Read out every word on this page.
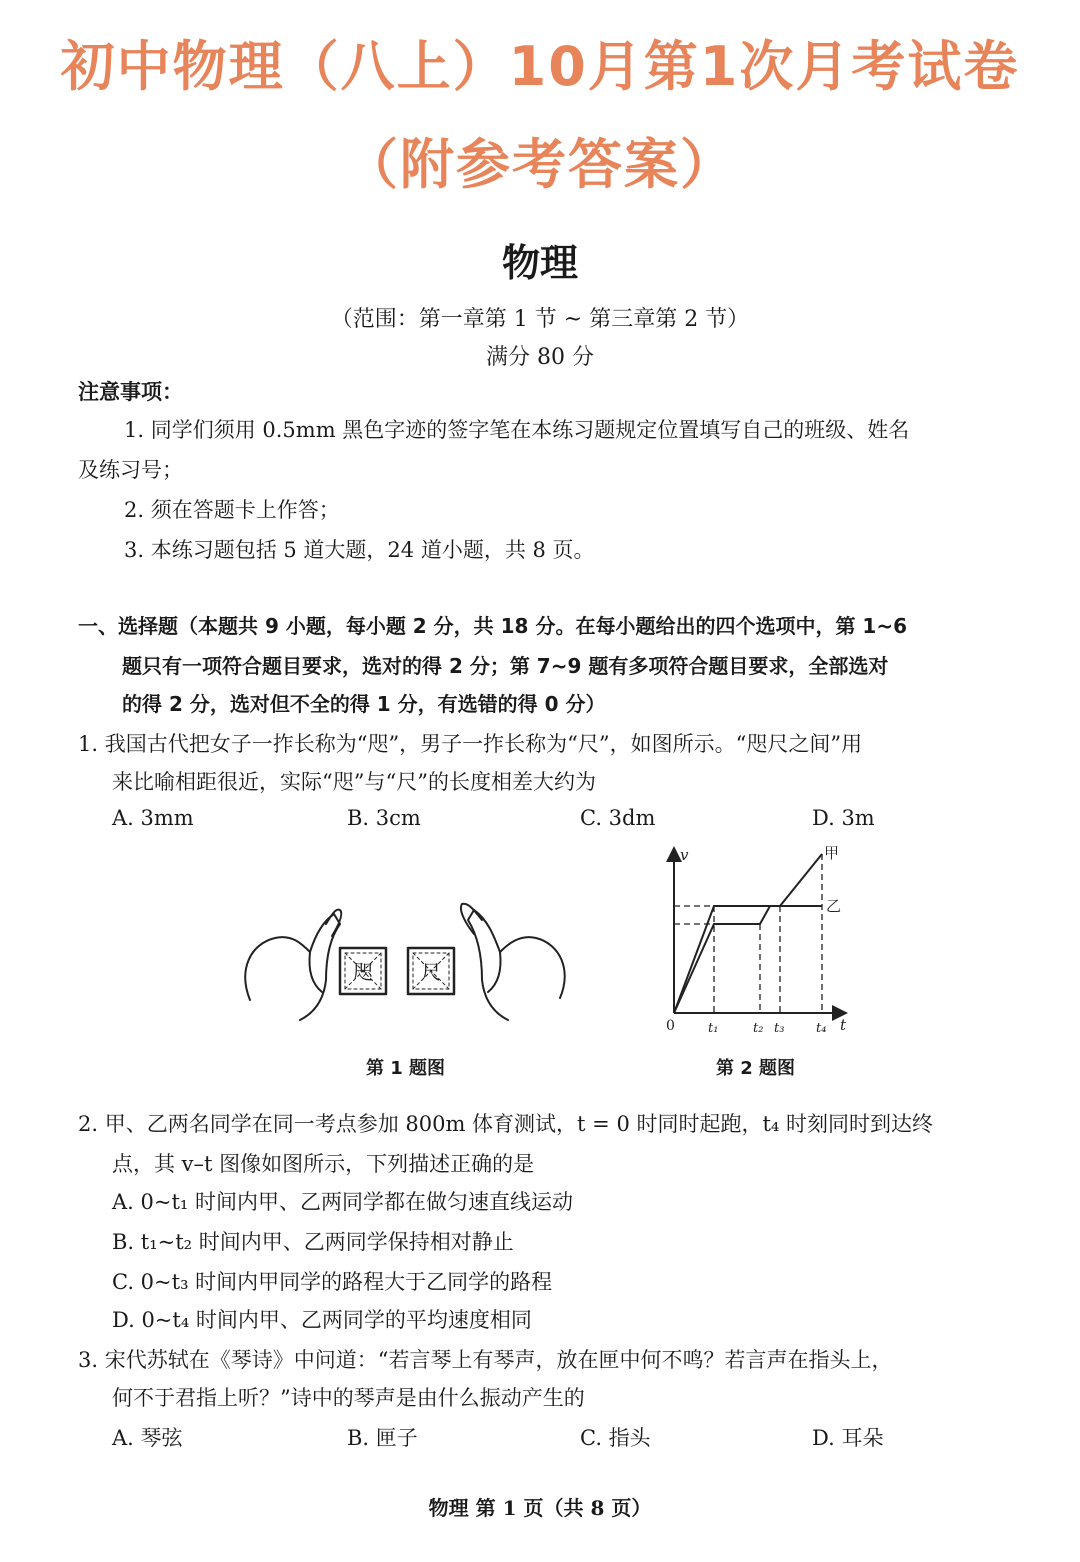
初中物理（八上）10月第1次月考试卷
（附参考答案）
物理
（范围：第一章第 1 节 ~ 第三章第 2 节）
满分 80 分
注意事项：
1. 同学们须用 0.5mm 黑色字迹的签字笔在本练习题规定位置填写自己的班级、姓名
及练习号；
2. 须在答题卡上作答；
3. 本练习题包括 5 道大题，24 道小题，共 8 页。
一、选择题（本题共 9 小题，每小题 2 分，共 18 分。在每小题给出的四个选项中，第 1~6
题只有一项符合题目要求，选对的得 2 分；第 7~9 题有多项符合题目要求，全部选对
的得 2 分，选对但不全的得 1 分，有选错的得 0 分）
1. 我国古代把女子一拃长称为“咫”，男子一拃长称为“尺”，如图所示。“咫尺之间”用
来比喻相距很近，实际“咫”与“尺”的长度相差大约为
A. 3mm	B. 3cm	C. 3dm	D. 3m
咫 尺
第 1 题图
v
t
0
甲
乙
t₁	t₂ t₃ t₄
第 2 题图
2. 甲、乙两名同学在同一考点参加 800m 体育测试，t = 0 时同时起跑，t₄ 时刻同时到达终
点，其 v–t 图像如图所示，下列描述正确的是
A. 0~t₁ 时间内甲、乙两同学都在做匀速直线运动
B. t₁~t₂ 时间内甲、乙两同学保持相对静止
C. 0~t₃ 时间内甲同学的路程大于乙同学的路程
D. 0~t₄ 时间内甲、乙两同学的平均速度相同
3. 宋代苏轼在《琴诗》中问道：“若言琴上有琴声，放在匣中何不鸣？若言声在指头上，
何不于君指上听？”诗中的琴声是由什么振动产生的
A. 琴弦	B. 匣子	C. 指头	D. 耳朵
物理 第 1 页（共 8 页）
